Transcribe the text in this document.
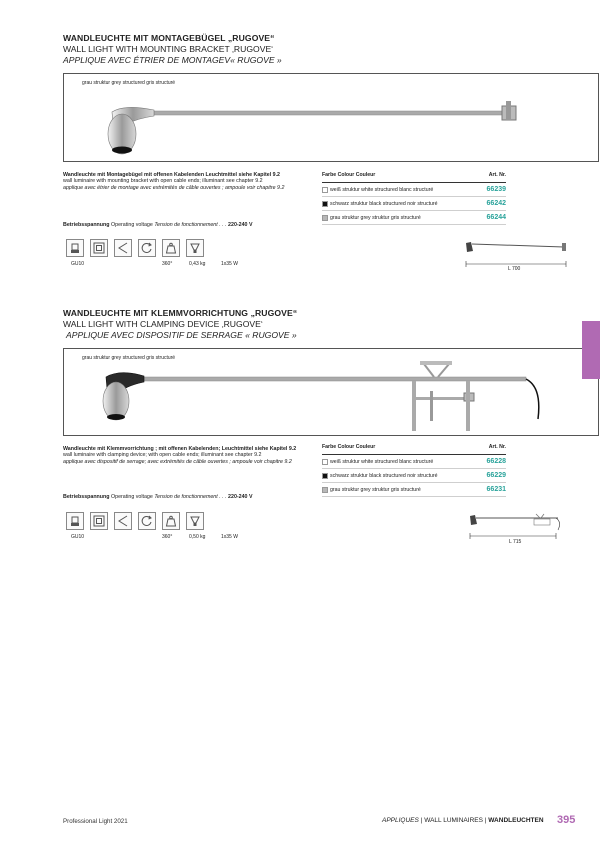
WANDLEUCHTE MIT MONTAGEBÜGEL „RUGOVE“
WALL LIGHT WITH MOUNTING BRACKET ‚RUGOVE‘
APPLIQUE AVEC ÉTRIER DE MONTAGEV« RUGOVE »
grau struktur grey structured gris structuré
Wandleuchte mit Montagebügel mit offenen Kabelenden Leuchtmittel siehe Kapitel 9.2
wall luminaire with mounting bracket with open cable ends; illuminant see chapter 9.2
applique avec étrier de montage avec extrémités de câble ouvertes ; ampoule voir chapitre 9.2
Betriebsspannung Operating voltage Tension de fonctionnement . . . 220-240 V
Farbe Colour Couleur	Art. Nr.
weiß struktur white structured blanc structuré	66239
schwarz struktur black structured noir structuré	66242
grau struktur grey struktur gris structuré	66244
GU10	360°	0,43 kg	1x35 W
L 700
WANDLEUCHTE MIT KLEMMVORRICHTUNG „RUGOVE“
WALL LIGHT WITH CLAMPING DEVICE ‚RUGOVE‘
APPLIQUE AVEC DISPOSITIF DE SERRAGE « RUGOVE »
grau struktur grey structured gris structuré
Wandleuchte mit Klemmvorrichtung ; mit offenen Kabelenden; Leuchtmittel siehe Kapitel 9.2
wall luminaire with clamping device; with open cable ends; illuminant see chapter 9.2
applique avec dispositif de serrage; avec extrémités de câble ouvertes ; ampoule voir chapitre 9.2
Betriebsspannung Operating voltage Tension de fonctionnement . . . 220-240 V
Farbe Colour Couleur	Art. Nr.
weiß struktur white structured blanc structuré	66228
schwarz struktur black structured noir structuré	66229
grau struktur grey struktur gris structuré	66231
GU10	360°	0,50 kg	1x35 W
L 715
Professional Light 2021	APPLIQUES | WALL LUMINAIRES | WANDLEUCHTEN 395
